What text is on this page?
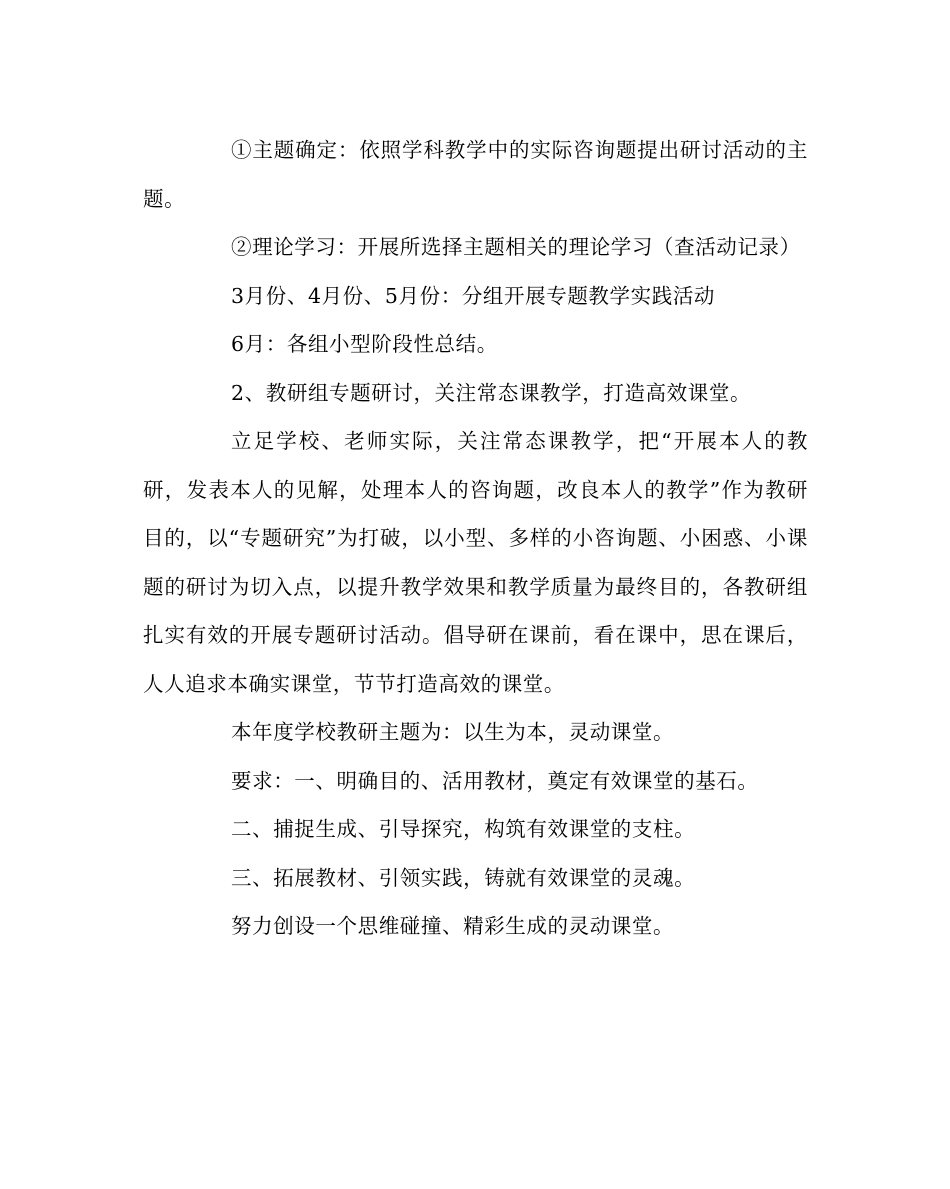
①主题确定：依照学科教学中的实际咨询题提出研讨活动的主题。

②理论学习：开展所选择主题相关的理论学习（查活动记录）

3月份、4月份、5月份：分组开展专题教学实践活动

6月：各组小型阶段性总结。

2、教研组专题研讨，关注常态课教学，打造高效课堂。

立足学校、老师实际，关注常态课教学，把“开展本人的教研，发表本人的见解，处理本人的咨询题，改良本人的教学”作为教研目的，以“专题研究”为打破，以小型、多样的小咨询题、小困惑、小课题的研讨为切入点，以提升教学效果和教学质量为最终目的，各教研组扎实有效的开展专题研讨活动。倡导研在课前，看在课中，思在课后，人人追求本确实课堂，节节打造高效的课堂。

本年度学校教研主题为：以生为本，灵动课堂。

要求：一、明确目的、活用教材，奠定有效课堂的基石。

二、捕捉生成、引导探究，构筑有效课堂的支柱。

三、拓展教材、引领实践，铸就有效课堂的灵魂。

努力创设一个思维碰撞、精彩生成的灵动课堂。
